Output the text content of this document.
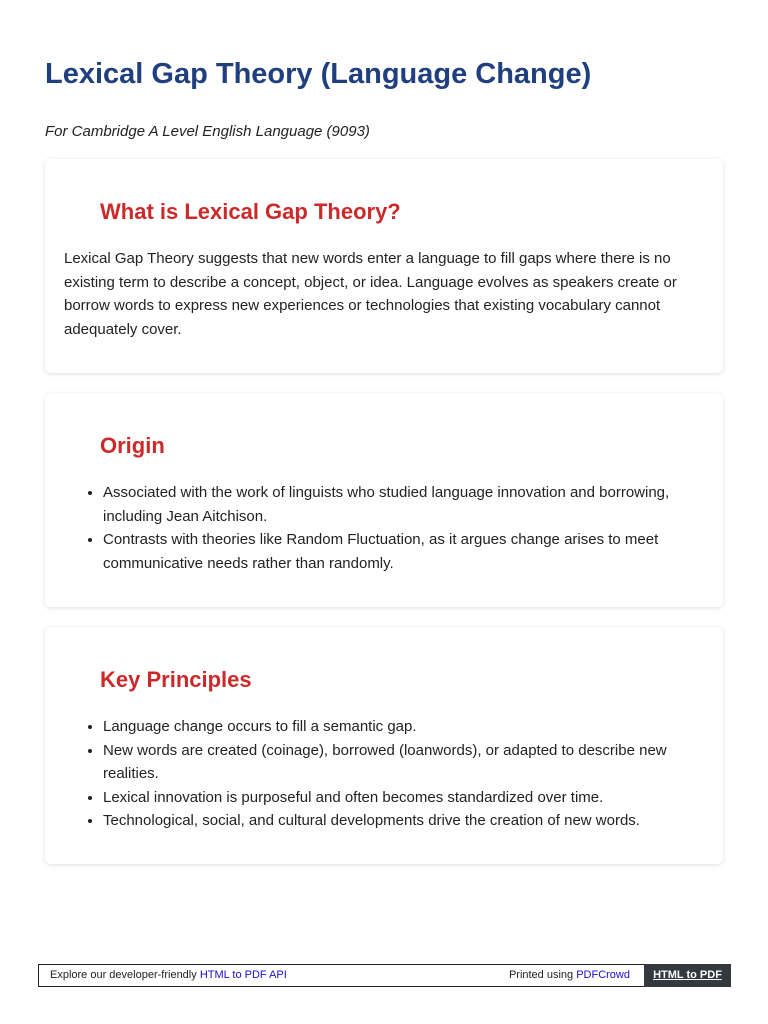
Lexical Gap Theory (Language Change)

For Cambridge A Level English Language (9093)

What is Lexical Gap Theory?

Lexical Gap Theory suggests that new words enter a language to fill gaps where there is no existing term to describe a concept, object, or idea. Language evolves as speakers create or borrow words to express new experiences or technologies that existing vocabulary cannot adequately cover.

Origin
• Associated with the work of linguists who studied language innovation and borrowing, including Jean Aitchison.
• Contrasts with theories like Random Fluctuation, as it argues change arises to meet communicative needs rather than randomly.
Key Principles
• Language change occurs to fill a semantic gap.
• New words are created (coinage), borrowed (loanwords), or adapted to describe new realities.
• Lexical innovation is purposeful and often becomes standardized over time.
• Technological, social, and cultural developments drive the creation of new words.
Explore our developer-friendly HTML to PDF API	Printed using PDFCrowd	HTML to PDF
